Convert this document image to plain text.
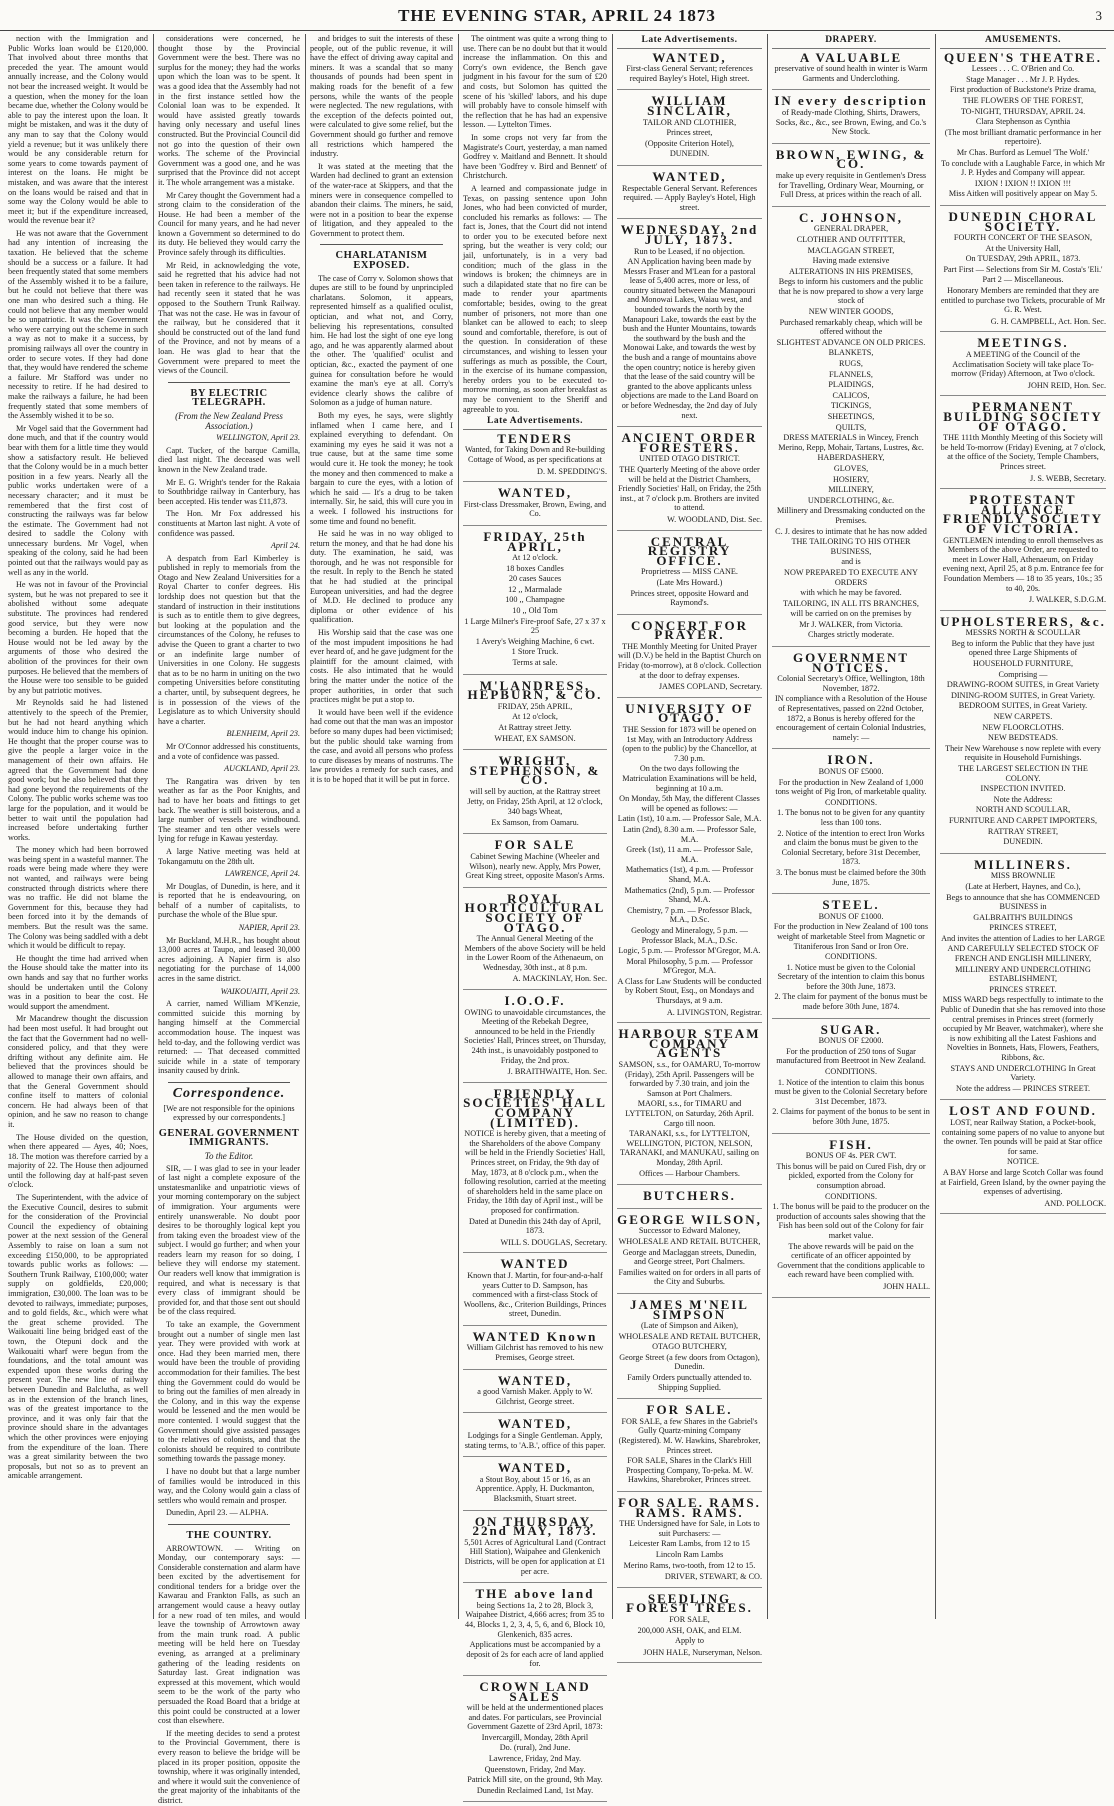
THE EVENING STAR, APRIL 24 1873	3

nection with the Immigration and Public Works loan would be £120,000. That involved about three months that preceded the year. The amount would annually increase, and the Colony would not bear the increased weight. It would be a question, when the money for the loan became due, whether the Colony would be able to pay the interest upon the loan. It might be mistaken, and was it the duty of any man to say that the Colony would yield a revenue; but it was unlikely there would be any considerable return for some years to come towards payment of interest on the loans. He might be mistaken, and was aware that the interest on the loans would be raised and that in some way the Colony would be able to meet it; but if the expenditure increased, would the revenue bear it?

He was not aware that the Government had any intention of increasing the taxation. He believed that the scheme should be a success or a failure. It had been frequently stated that some members of the Assembly wished it to be a failure, but he could not believe that there was one man who desired such a thing. He could not believe that any member would be so unpatriotic. It was the Government who were carrying out the scheme in such a way as not to make it a success, by promising railways all over the country in order to secure votes. If they had done that, they would have rendered the scheme a failure. Mr Stafford was under no necessity to retire. If he had desired to make the railways a failure, he had been frequently stated that some members of the Assembly wished it to be so.

Mr Vogel said that the Government had done much, and that if the country would bear with them for a little time they would show a satisfactory result. He believed that the Colony would be in a much better position in a few years. Nearly all the public works undertaken were of a necessary character; and it must be remembered that the first cost of constructing the railways was far below the estimate. The Government had not desired to saddle the Colony with unnecessary burdens. Mr Vogel, when speaking of the colony, said he had been pointed out that the railways would pay as well as any in the world.

He was not in favour of the Provincial system, but he was not prepared to see it abolished without some adequate substitute. The provinces had rendered good service, but they were now becoming a burden. He hoped that the House would not be led away by the arguments of those who desired the abolition of the provinces for their own purposes. He believed that the members of the House were too sensible to be guided by any but patriotic motives.

Mr Reynolds said he had listened attentively to the speech of the Premier, but he had not heard anything which would induce him to change his opinion. He thought that the proper course was to give the people a larger voice in the management of their own affairs. He agreed that the Government had done good work; but he also believed that they had gone beyond the requirements of the Colony. The public works scheme was too large for the population, and it would be better to wait until the population had increased before undertaking further works.

The money which had been borrowed was being spent in a wasteful manner. The roads were being made where they were not wanted, and railways were being constructed through districts where there was no traffic. He did not blame the Government for this, because they had been forced into it by the demands of members. But the result was the same. The Colony was being saddled with a debt which it would be difficult to repay.

He thought the time had arrived when the House should take the matter into its own hands and say that no further works should be undertaken until the Colony was in a position to bear the cost. He would support the amendment.

Mr Macandrew thought the discussion had been most useful. It had brought out the fact that the Government had no well-considered policy, and that they were drifting without any definite aim. He believed that the provinces should be allowed to manage their own affairs, and that the General Government should confine itself to matters of colonial concern. He had always been of that opinion, and he saw no reason to change it.

The House divided on the question, when there appeared — Ayes, 40; Noes, 18. The motion was therefore carried by a majority of 22. The House then adjourned until the following day at half-past seven o'clock.

The Superintendent, with the advice of the Executive Council, desires to submit for the consideration of the Provincial Council the expediency of obtaining power at the next session of the General Assembly to raise on loan a sum not exceeding £150,000, to be appropriated towards public works as follows: — Southern Trunk Railway, £100,000; water supply on goldfields, £20,000; immigration, £30,000. The loan was to be devoted to railways, immediate; purposes, and to gold fields, &c., which were what the great scheme provided. The Waikouaiti line being bridged east of the town, the Otepuni dock and the Waikouaiti wharf were begun from the foundations, and the total amount was expended upon these works during the present year. The new line of railway between Dunedin and Balclutha, as well as in the extension of the branch lines, was of the greatest importance to the province, and it was only fair that the province should share in the advantages which the other provinces were enjoying from the expenditure of the loan. There was a great similarity between the two proposals, but not so as to prevent an amicable arrangement.

considerations were concerned, he thought those by the Provincial Government were the best. There was no surplus for the money; they had the works upon which the loan was to be spent. It was a good idea that the Assembly had not in the first instance settled how the Colonial loan was to be expended. It would have assisted greatly towards having only necessary and useful lines constructed. But the Provincial Council did not go into the question of their own works. The scheme of the Provincial Government was a good one, and he was surprised that the Province did not accept it. The whole arrangement was a mistake.

Mr Carey thought the Government had a strong claim to the consideration of the House. He had been a member of the Council for many years, and he had never known a Government so determined to do its duty. He believed they would carry the Province safely through its difficulties.

Mr Reid, in acknowledging the vote, said he regretted that his advice had not been taken in reference to the railways. He had recently seen it stated that he was opposed to the Southern Trunk Railway. That was not the case. He was in favour of the railway, but he considered that it should be constructed out of the land fund of the Province, and not by means of a loan. He was glad to hear that the Government were prepared to meet the views of the Council.

BY ELECTRIC TELEGRAPH.
(From the New Zealand Press Association.)

WELLINGTON, April 23.

Capt. Tucker, of the barque Camilla, died last night. The deceased was well known in the New Zealand trade.

Mr E. G. Wright's tender for the Rakaia to Southbridge railway in Canterbury, has been accepted. His tender was £11,873.

The Hon. Mr Fox addressed his constituents at Marton last night. A vote of confidence was passed.

April 24.

A despatch from Earl Kimberley is published in reply to memorials from the Otago and New Zealand Universities for a Royal Charter to confer degrees. His lordship does not question but that the standard of instruction in their institutions is such as to entitle them to give degrees, but looking at the population and the circumstances of the Colony, he refuses to advise the Queen to grant a charter to two or an indefinite large number of Universities in one Colony. He suggests that as to be no harm in uniting on the two competing Universities before constituting a charter, until, by subsequent degrees, he is in possession of the views of the Legislature as to which University should have a charter.

BLENHEIM, April 23.

Mr O'Connor addressed his constituents, and a vote of confidence was passed.

AUCKLAND, April 23.

The Rangatira was driven by ten weather as far as the Poor Knights, and had to have her boats and fittings to get back. The weather is still boisterous, and a large number of vessels are windbound. The steamer and ten other vessels were lying for refuge in Kawau yesterday.

A large Native meeting was held at Tokangamutu on the 28th ult.

LAWRENCE, April 24.

Mr Douglas, of Dunedin, is here, and it is reported that he is endeavouring, on behalf of a number of capitalists, to purchase the whole of the Blue spur.

NAPIER, April 23.

Mr Buckland, M.H.R., has bought about 13,000 acres at Taupo, and leased 30,000 acres adjoining. A Napier firm is also negotiating for the purchase of 14,000 acres in the same district.

WAIKOUAITI, April 23.

A carrier, named William M'Kenzie, committed suicide this morning by hanging himself at the Commercial accommodation house. The inquest was held to-day, and the following verdict was returned: — That deceased committed suicide while in a state of temporary insanity caused by drink.

Correspondence.

[We are not responsible for the opinions expressed by our correspondents.]

GENERAL GOVERNMENT IMMIGRANTS.
To the Editor.

SIR, — I was glad to see in your leader of last night a complete exposure of the unstatesmanlike and unpatriotic views of your morning contemporary on the subject of immigration. Your arguments were entirely unanswerable. No doubt poor desires to be thoroughly logical kept you from taking even the broadest view of the subject. I would go further; and when your readers learn my reason for so doing, I believe they will endorse my statement. Our readers well know that immigration is required, and what is necessary is that every class of immigrant should be provided for, and that those sent out should be of the class required.

To take an example, the Government brought out a number of single men last year. They were provided with work at once. Had they been married men, there would have been the trouble of providing accommodation for their families. The best thing the Government could do would be to bring out the families of men already in the Colony, and in this way the expense would be lessened and the men would be more contented. I would suggest that the Government should give assisted passages to the relatives of colonists, and that the colonists should be required to contribute something towards the passage money.

I have no doubt but that a large number of families would be introduced in this way, and the Colony would gain a class of settlers who would remain and prosper.

Dunedin, April 23. — ALPHA.

THE COUNTRY.

ARROWTOWN. — Writing on Monday, our contemporary says: — Considerable consternation and alarm have been excited by the advertisement for conditional tenders for a bridge over the Kawarau and Frankton Falls, as such an arrangement would cause a heavy outlay for a new road of ten miles, and would leave the township of Arrowtown away from the main trunk road. A public meeting will be held here on Tuesday evening, as arranged at a preliminary gathering of the leading residents on Saturday last. Great indignation was expressed at this movement, which would seem to be the work of the party who persuaded the Road Board that a bridge at this point could be constructed at a lower cost than elsewhere.

If the meeting decides to send a protest to the Provincial Government, there is every reason to believe the bridge will be placed in its proper position, opposite the township, where it was originally intended, and where it would suit the convenience of the great majority of the inhabitants of the district.

and bridges to suit the interests of these people, out of the public revenue, it will have the effect of driving away capital and miners. It was a scandal that so many thousands of pounds had been spent in making roads for the benefit of a few persons, while the wants of the people were neglected. The new regulations, with the exception of the defects pointed out, were calculated to give some relief, but the Government should go further and remove all restrictions which hampered the industry.

It was stated at the meeting that the Warden had declined to grant an extension of the water-race at Skippers, and that the miners were in consequence compelled to abandon their claims. The miners, he said, were not in a position to bear the expense of litigation, and they appealed to the Government to protect them.

CHARLATANISM EXPOSED.

The case of Corry v. Solomon shows that dupes are still to be found by unprincipled charlatans. Solomon, it appears, represented himself as a qualified oculist, optician, and what not, and Corry, believing his representations, consulted him. He had lost the sight of one eye long ago, and he was apparently alarmed about the other. The 'qualified' oculist and optician, &c., exacted the payment of one guinea for consultation before he would examine the man's eye at all. Corry's evidence clearly shows the calibre of Solomon as a judge of human nature.

Both my eyes, he says, were slightly inflamed when I came here, and I explained everything to defendant. On examining my eyes he said it was not a true cause, but at the same time some would cure it. He took the money; he took the money and then commenced to make a bargain to cure the eyes, with a lotion of which he said — It's a drug to be taken internally. Sir, he said, this will cure you in a week. I followed his instructions for some time and found no benefit.

He said he was in no way obliged to return the money, and that he had done his duty. The examination, he said, was thorough, and he was not responsible for the result. In reply to the Bench he stated that he had studied at the principal European universities, and had the degree of M.D. He declined to produce any diploma or other evidence of his qualification.

His Worship said that the case was one of the most impudent impositions he had ever heard of, and he gave judgment for the plaintiff for the amount claimed, with costs. He also intimated that he would bring the matter under the notice of the proper authorities, in order that such practices might be put a stop to.

It would have been well if the evidence had come out that the man was an impostor before so many dupes had been victimised; but the public should take warning from the case, and avoid all persons who profess to cure diseases by means of nostrums. The law provides a remedy for such cases, and it is to be hoped that it will be put in force.

The ointment was quite a wrong thing to use. There can be no doubt but that it would increase the inflammation. On this and Corry's own evidence, the Bench gave judgment in his favour for the sum of £20 and costs, but Solomon has quitted the scene of his 'skilled' labors, and his dupe will probably have to console himself with the reflection that he has had an expensive lesson. — Lyttelton Times.

In some crops not very far from the Magistrate's Court, yesterday, a man named Godfrey v. Maitland and Bennett. It should have been 'Godfrey v. Bird and Bennett' of Christchurch.

A learned and compassionate judge in Texas, on passing sentence upon John Jones, who had been convicted of murder, concluded his remarks as follows: — The fact is, Jones, that the Court did not intend to order you to be executed before next spring, but the weather is very cold; our jail, unfortunately, is in a very bad condition; much of the glass in the windows is broken; the chimneys are in such a dilapidated state that no fire can be made to render your apartments comfortable; besides, owing to the great number of prisoners, not more than one blanket can be allowed to each; to sleep sound and comfortable, therefore, is out of the question. In consideration of these circumstances, and wishing to lessen your sufferings as much as possible, the Court, in the exercise of its humane compassion, hereby orders you to be executed to-morrow morning, as soon after breakfast as may be convenient to the Sheriff and agreeable to you.

Late Advertisements.
TENDERS
Wanted, for Taking Down and Re-building Cottage of Wood, as per specifications at
D. M. SPEDDING'S.
WANTED,
First-class Dressmaker, Brown, Ewing, and Co.
FRIDAY, 25th APRIL,
At 12 o'clock.
18 boxes Candles
20 cases Sauces
12 ,, Marmalade
100 ,, Champagne
10 ,, Old Tom
1 Large Milner's Fire-proof Safe, 27 x 37 x 25
1 Avery's Weighing Machine, 6 cwt.
1 Store Truck.
Terms at sale.
M'LANDRESS, HEPBURN, & CO.
FRIDAY, 25th APRIL,
At 12 o'clock,
At Rattray street Jetty.
WHEAT, EX SAMSON.
WRIGHT, STEPHENSON, & CO.
will sell by auction, at the Rattray street Jetty, on Friday, 25th April, at 12 o'clock,
340 bags Wheat,
Ex Samson, from Oamaru.
FOR SALE
Cabinet Sewing Machine (Wheeler and Wilson), nearly new. Apply, Mrs Power, Great King street, opposite Mason's Arms.
ROYAL HORTICULTURAL SOCIETY OF OTAGO.
The Annual General Meeting of the Members of the above Society will be held in the Lower Room of the Athenaeum, on Wednesday, 30th inst., at 8 p.m.
A. MACKINLAY, Hon. Sec.
I.O.O.F.
OWING to unavoidable circumstances, the Meeting of the Rebekah Degree, announced to be held in the Friendly Societies' Hall, Princes street, on Thursday, 24th inst., is unavoidably postponed to Friday, the 2nd prox.
J. BRAITHWAITE, Hon. Sec.
FRIENDLY SOCIETIES' HALL COMPANY (LIMITED).
NOTICE is hereby given, that a meeting of the Shareholders of the above Company will be held in the Friendly Societies' Hall, Princes street, on Friday, the 9th day of May, 1873, at 8 o'clock p.m., when the following resolution, carried at the meeting of shareholders held in the same place on Friday, the 18th day of April inst., will be proposed for confirmation.
Dated at Dunedin this 24th day of April, 1873.
WILL S. DOUGLAS, Secretary.
WANTED
Known that J. Martin, for four-and-a-half years Cutter to D. Sampson, has commenced with a first-class Stock of Woollens, &c., Criterion Buildings, Princes street, Dunedin.
WANTED Known
William Gilchrist has removed to his new Premises, George street.
WANTED,
a good Varnish Maker. Apply to W. Gilchrist, George street.
WANTED,
Lodgings for a Single Gentleman. Apply, stating terms, to 'A.B.', office of this paper.
WANTED,
a Stout Boy, about 15 or 16, as an Apprentice. Apply, H. Duckmanton, Blacksmith, Stuart street.
ON THURSDAY, 22nd MAY, 1873.
5,501 Acres of Agricultural Land (Contract Hill Station), Waipahee and Glenkenich Districts, will be open for application at £1 per acre.
THE above land
being Sections 1a, 2 to 28, Block 3, Waipahee District, 4,666 acres; from 35 to 44, Blocks 1, 2, 3, 4, 5, 6, and 6, Block 10, Glenkenich, 835 acres.
Applications must be accompanied by a deposit of 2s for each acre of land applied for.
CROWN LAND SALES
will be held at the undermentioned places and dates. For particulars, see Provincial Government Gazette of 23rd April, 1873:
Invercargill, Monday, 28th April
Do. (rural), 2nd June.
Lawrence, Friday, 2nd May.
Queenstown, Friday, 2nd May.
Patrick Mill site, on the ground, 9th May.
Dunedin Reclaimed Land, 1st May.
Late Advertisements.
WANTED,
First-class General Servant; references required Bayley's Hotel, High street.
WILLIAM SINCLAIR,
TAILOR AND CLOTHIER,
Princes street,
(Opposite Criterion Hotel),
DUNEDIN.
WANTED,
Respectable General Servant. References required. — Apply Bayley's Hotel, High street.
WEDNESDAY, 2nd JULY, 1873.
Run to be Leased, if no objection.
AN Application having been made by Messrs Fraser and M'Lean for a pastoral lease of 5,400 acres, more or less, of country situated between the Manapouri and Monowai Lakes, Waiau west, and bounded towards the north by the Manapouri Lake, towards the east by the bush and the Hunter Mountains, towards the southward by the bush and the Monowai Lake, and towards the west by the bush and a range of mountains above the open country; notice is hereby given that the lease of the said country will be granted to the above applicants unless objections are made to the Land Board on or before Wednesday, the 2nd day of July next.
ANCIENT ORDER FORESTERS.
UNITED OTAGO DISTRICT.
THE Quarterly Meeting of the above order will be held at the District Chambers, Friendly Societies' Hall, on Friday, the 25th inst., at 7 o'clock p.m. Brothers are invited to attend.
W. WOODLAND, Dist. Sec.
CENTRAL REGISTRY OFFICE.
Proprietress — MISS CANE.
(Late Mrs Howard.)
Princes street, opposite Howard and Raymond's.
CONCERT FOR PRAYER.
THE Monthly Meeting for United Prayer will (D.V.) be held in the Baptist Church on Friday (to-morrow), at 8 o'clock. Collection at the door to defray expenses.
JAMES COPLAND, Secretary.
UNIVERSITY OF OTAGO.
THE Session for 1873 will be opened on 1st May, with an Introductory Address (open to the public) by the Chancellor, at 7.30 p.m.
On the two days following the Matriculation Examinations will be held, beginning at 10 a.m.
On Monday, 5th May, the different Classes will be opened as follows: —
Latin (1st), 10 a.m. — Professor Sale, M.A.
Latin (2nd), 8.30 a.m. — Professor Sale, M.A.
Greek (1st), 11 a.m. — Professor Sale, M.A.
Mathematics (1st), 4 p.m. — Professor Shand, M.A.
Mathematics (2nd), 5 p.m. — Professor Shand, M.A.
Chemistry, 7 p.m. — Professor Black, M.A., D.Sc.
Geology and Mineralogy, 5 p.m. — Professor Black, M.A., D.Sc.
Logic, 5 p.m. — Professor M'Gregor, M.A.
Moral Philosophy, 5 p.m. — Professor M'Gregor, M.A.
A Class for Law Students will be conducted by Robert Stout, Esq., on Mondays and Thursdays, at 9 a.m.
A. LIVINGSTON, Registrar.
HARBOUR STEAM COMPANY AGENTS
SAMSON, s.s., for OAMARU, To-morrow (Friday), 25th April. Passengers will be forwarded by 7.30 train, and join the Samson at Port Chalmers.
MAORI, s.s., for TIMARU and LYTTELTON, on Saturday, 26th April. Cargo till noon.
TARANAKI, s.s., for LYTTELTON, WELLINGTON, PICTON, NELSON, TARANAKI, and MANUKAU, sailing on Monday, 28th April.
Offices — Harbour Chambers.
BUTCHERS.
GEORGE WILSON,
Successor to Edward Maloney,
WHOLESALE AND RETAIL BUTCHER,
George and Maclaggan streets, Dunedin, and George street, Port Chalmers.
Families waited on for orders in all parts of the City and Suburbs.
JAMES M'NEIL SIMPSON
(Late of Simpson and Aiken),
WHOLESALE AND RETAIL BUTCHER,
OTAGO BUTCHERY,
George Street (a few doors from Octagon), Dunedin.
Family Orders punctually attended to. Shipping Supplied.
FOR SALE.
FOR SALE, a few Shares in the Gabriel's Gully Quartz-mining Company (Registered). M. W. Hawkins, Sharebroker, Princes street.
FOR SALE, Shares in the Clark's Hill Prospecting Company, To-peka. M. W. Hawkins, Sharebroker, Princes street.
FOR SALE. RAMS. RAMS. RAMS.
THE Undersigned have for Sale, in Lots to suit Purchasers: —
Leicester Ram Lambs, from 12 to 15
Lincoln Ram Lambs
Merino Rams, two-tooth, from 12 to 15.
DRIVER, STEWART, & CO.
SEEDLING FOREST TREES.
FOR SALE,
200,000 ASH, OAK, and ELM.
Apply to
JOHN HALE, Nurseryman, Nelson.
DRAPERY.
A VALUABLE
preservative of sound health in winter is Warm Garments and Underclothing.
IN every description
of Ready-made Clothing, Shirts, Drawers, Socks, &c., &c., see Brown, Ewing, and Co.'s New Stock.
BROWN, EWING, & CO.
make up every requisite in Gentlemen's Dress for Travelling, Ordinary Wear, Mourning, or Full Dress, at prices within the reach of all.
C. JOHNSON,
GENERAL DRAPER,
CLOTHIER AND OUTFITTER,
MACLAGGAN STREET,
Having made extensive
ALTERATIONS IN HIS PREMISES,
Begs to inform his customers and the public that he is now prepared to show a very large stock of
NEW WINTER GOODS,
Purchased remarkably cheap, which will be offered without the
SLIGHTEST ADVANCE ON OLD PRICES.
BLANKETS,
RUGS,
FLANNELS,
PLAIDINGS,
CALICOS,
TICKINGS,
SHEETINGS,
QUILTS,
DRESS MATERIALS in Wincey, French Merino, Repp, Mohair, Tartans, Lustres, &c.
HABERDASHERY,
GLOVES,
HOSIERY,
MILLINERY,
UNDERCLOTHING, &c.
Millinery and Dressmaking conducted on the Premises.
C. J. desires to intimate that he has now added
THE TAILORING TO HIS OTHER BUSINESS,
and is
NOW PREPARED TO EXECUTE ANY ORDERS
with which he may be favored.
TAILORING, IN ALL ITS BRANCHES,
will be carried on on the premises by
Mr J. WALKER, from Victoria.
Charges strictly moderate.
GOVERNMENT NOTICES.
Colonial Secretary's Office, Wellington, 18th November, 1872.
IN compliance with a Resolution of the House of Representatives, passed on 22nd October, 1872, a Bonus is hereby offered for the encouragement of certain Colonial Industries, namely: —
IRON.
BONUS OF £5000.
For the production in New Zealand of 1,000 tons weight of Pig Iron, of marketable quality.
CONDITIONS.
1. The bonus not to be given for any quantity less than 100 tons.
2. Notice of the intention to erect Iron Works and claim the bonus must be given to the Colonial Secretary, before 31st December, 1873.
3. The bonus must be claimed before the 30th June, 1875.
STEEL.
BONUS OF £1000.
For the production in New Zealand of 100 tons weight of marketable Steel from Magnetic or Titaniferous Iron Sand or Iron Ore.
CONDITIONS.
1. Notice must be given to the Colonial Secretary of the intention to claim this bonus before the 30th June, 1873.
2. The claim for payment of the bonus must be made before 30th June, 1874.
SUGAR.
BONUS OF £2000.
For the production of 250 tons of Sugar manufactured from Beetroot in New Zealand.
CONDITIONS.
1. Notice of the intention to claim this bonus must be given to the Colonial Secretary before 31st December, 1873.
2. Claims for payment of the bonus to be sent in before 30th June, 1875.
FISH.
BONUS OF 4s. PER CWT.
This bonus will be paid on Cured Fish, dry or pickled, exported from the Colony for consumption abroad.
CONDITIONS.
1. The bonus will be paid to the producer on the production of accounts sales showing that the Fish has been sold out of the Colony for fair market value.
The above rewards will be paid on the certificate of an officer appointed by Government that the conditions applicable to each reward have been complied with.
JOHN HALL.
AMUSEMENTS.
QUEEN'S THEATRE.
Lessees . . . C. O'Brien and Co.
Stage Manager . . . Mr J. P. Hydes.
First production of Buckstone's Prize drama,
THE FLOWERS OF THE FOREST,
TO-NIGHT, THURSDAY, APRIL 24.
Clara Stephenson as Cynthia
(The most brilliant dramatic performance in her repertoire).
Mr Chas. Burford as Lemuel 'The Wolf.'
To conclude with a Laughable Farce, in which Mr J. P. Hydes and Company will appear.
IXION ! IXION !! IXION !!!
Miss Aitken will positively appear on May 5.
DUNEDIN CHORAL SOCIETY.
FOURTH CONCERT OF THE SEASON,
At the University Hall,
On TUESDAY, 29th APRIL, 1873.
Part First — Selections from Sir M. Costa's 'Eli.'
Part 2 — Miscellaneous.
Honorary Members are reminded that they are entitled to purchase two Tickets, procurable of Mr G. R. West.
G. H. CAMPBELL, Act. Hon. Sec.
MEETINGS.
A MEETING of the Council of the Acclimatisation Society will take place To-morrow (Friday) Afternoon, at Two o'clock.
JOHN REID, Hon. Sec.
PERMANENT BUILDING SOCIETY OF OTAGO.
THE 111th Monthly Meeting of this Society will be held To-morrow (Friday) Evening, at 7 o'clock, at the office of the Society, Temple Chambers, Princes street.
J. S. WEBB, Secretary.
PROTESTANT ALLIANCE FRIENDLY SOCIETY OF VICTORIA.
GENTLEMEN intending to enroll themselves as Members of the above Order, are requested to meet in Lower Hall, Athenaeum, on Friday evening next, April 25, at 8 p.m. Entrance fee for Foundation Members — 18 to 35 years, 10s.; 35 to 40, 20s.
J. WALKER, S.D.G.M.
UPHOLSTERERS, &c.
MESSRS NORTH & SCOULLAR
Beg to inform the Public that they have just opened three Large Shipments of
HOUSEHOLD FURNITURE,
Comprising —
DRAWING-ROOM SUITES, in Great Variety
DINING-ROOM SUITES, in Great Variety.
BEDROOM SUITES, in Great Variety.
NEW CARPETS.
NEW FLOORCLOTHS.
NEW BEDSTEADS.
Their New Warehouse s now replete with every requisite in Household Furnishings.
THE LARGEST SELECTION IN THE COLONY.
INSPECTION INVITED.
Note the Address:
NORTH AND SCOULLAR,
FURNITURE AND CARPET IMPORTERS,
RATTRAY STREET,
DUNEDIN.
MILLINERS.
MISS BROWNLIE
(Late at Herbert, Haynes, and Co.),
Begs to announce that she has COMMENCED BUSINESS in
GALBRAITH'S BUILDINGS
PRINCES STREET,
And invites the attention of Ladies to her LARGE AND CAREFULLY SELECTED STOCK OF
FRENCH AND ENGLISH MILLINERY,
MILLINERY AND UNDERCLOTHING ESTABLISHMENT,
PRINCES STREET.
MISS WARD begs respectfully to intimate to the Public of Dunedin that she has removed into those central premises in Princes street (formerly occupied by Mr Beaver, watchmaker), where she is now exhibiting all the Latest Fashions and Novelties in Bonnets, Hats, Flowers, Feathers, Ribbons, &c.
STAYS AND UNDERCLOTHING In Great Variety.
Note the address — PRINCES STREET.
LOST AND FOUND.
LOST, near Railway Station, a Pocket-book, containing some papers of no value to anyone but the owner. Ten pounds will be paid at Star office for same.
NOTICE.
A BAY Horse and large Scotch Collar was found at Fairfield, Green Island, by the owner paying the expenses of advertising.
AND. POLLOCK.
